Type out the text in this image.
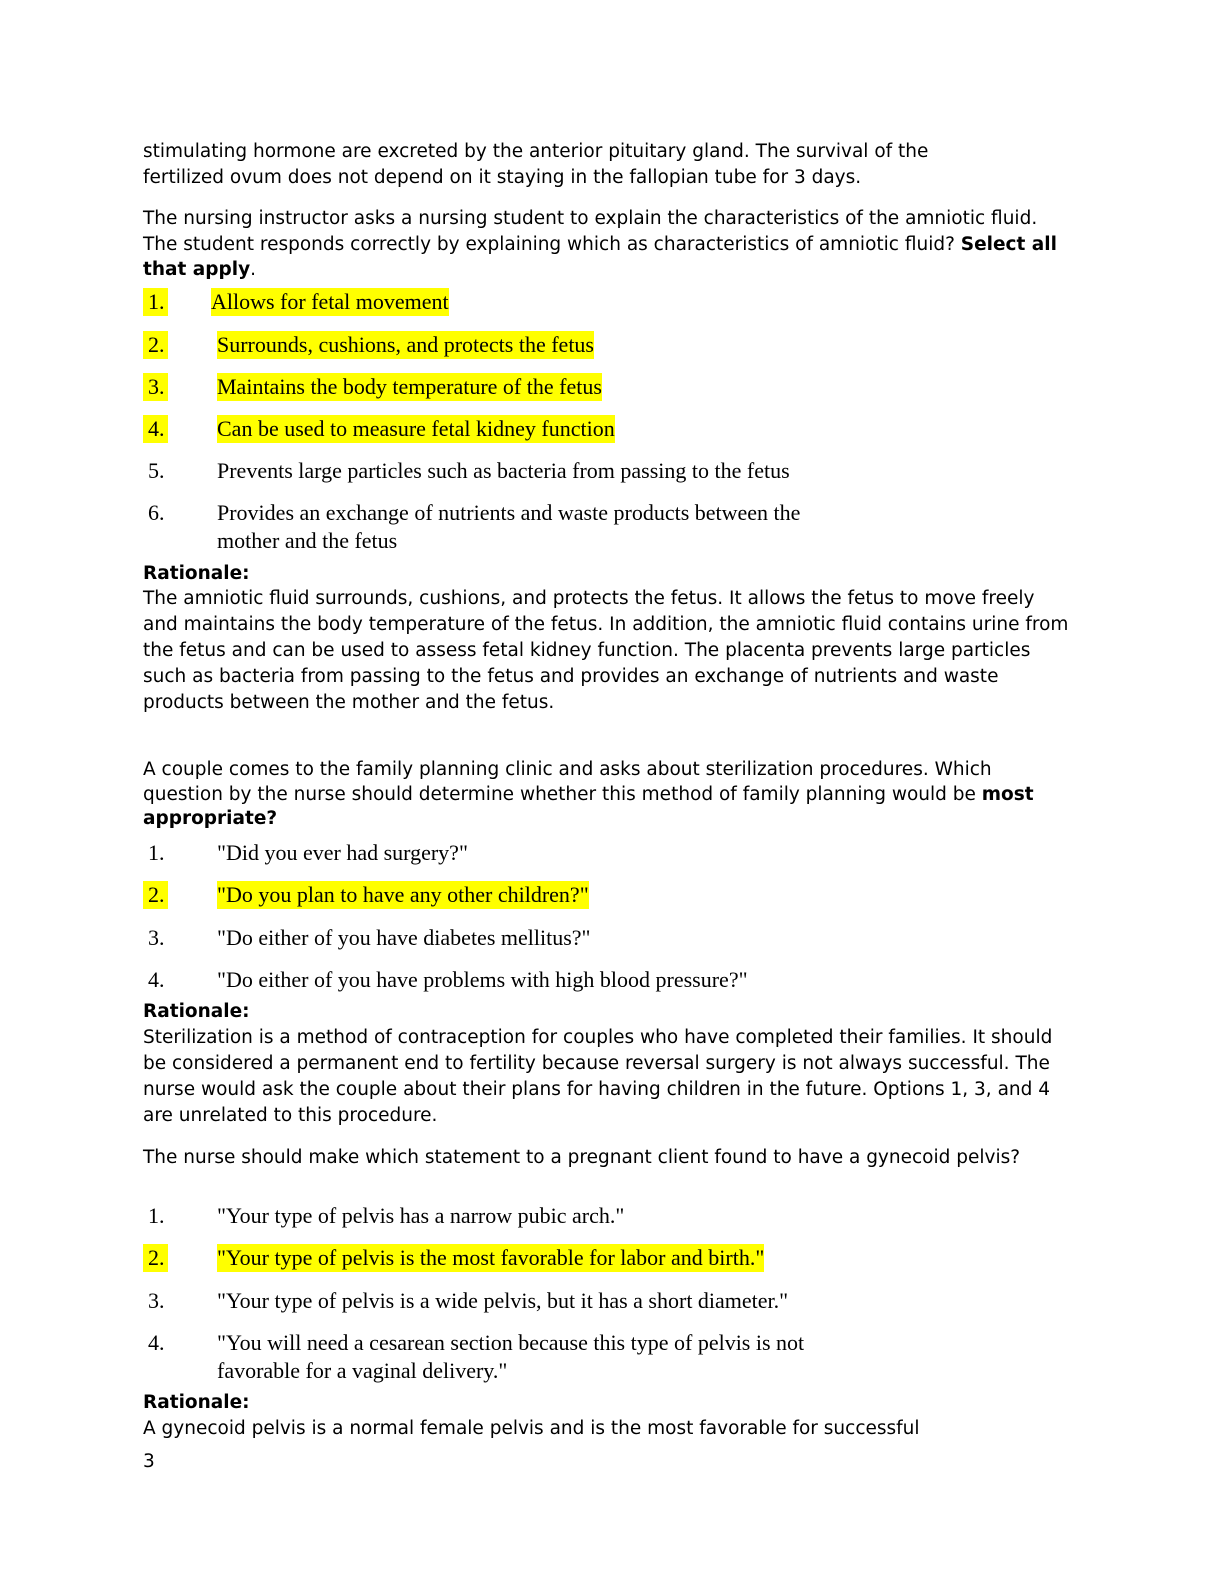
stimulating hormone are excreted by the anterior pituitary gland. The survival of the
fertilized ovum does not depend on it staying in the fallopian tube for 3 days.
The nursing instructor asks a nursing student to explain the characteristics of the amniotic fluid. The student responds correctly by explaining which as characteristics of amniotic fluid? Select all that apply.
1. Allows for fetal movement
2. Surrounds, cushions, and protects the fetus
3. Maintains the body temperature of the fetus
4. Can be used to measure fetal kidney function
5. Prevents large particles such as bacteria from passing to the fetus
6. Provides an exchange of nutrients and waste products between the
mother and the fetus
Rationale:
The amniotic fluid surrounds, cushions, and protects the fetus. It allows the fetus to move freely and maintains the body temperature of the fetus. In addition, the amniotic fluid contains urine from the fetus and can be used to assess fetal kidney function. The placenta prevents large particles such as bacteria from passing to the fetus and provides an exchange of nutrients and waste products between the mother and the fetus.
A couple comes to the family planning clinic and asks about sterilization procedures. Which question by the nurse should determine whether this method of family planning would be most appropriate?
1. "Did you ever had surgery?"
2. "Do you plan to have any other children?"
3. "Do either of you have diabetes mellitus?"
4. "Do either of you have problems with high blood pressure?"
Rationale:
Sterilization is a method of contraception for couples who have completed their families. It should be considered a permanent end to fertility because reversal surgery is not always successful. The nurse would ask the couple about their plans for having children in the future. Options 1, 3, and 4 are unrelated to this procedure.
The nurse should make which statement to a pregnant client found to have a gynecoid pelvis?
1. "Your type of pelvis has a narrow pubic arch."
2. "Your type of pelvis is the most favorable for labor and birth."
3. "Your type of pelvis is a wide pelvis, but it has a short diameter."
4. "You will need a cesarean section because this type of pelvis is not
favorable for a vaginal delivery."
Rationale:
A gynecoid pelvis is a normal female pelvis and is the most favorable for successful
3
